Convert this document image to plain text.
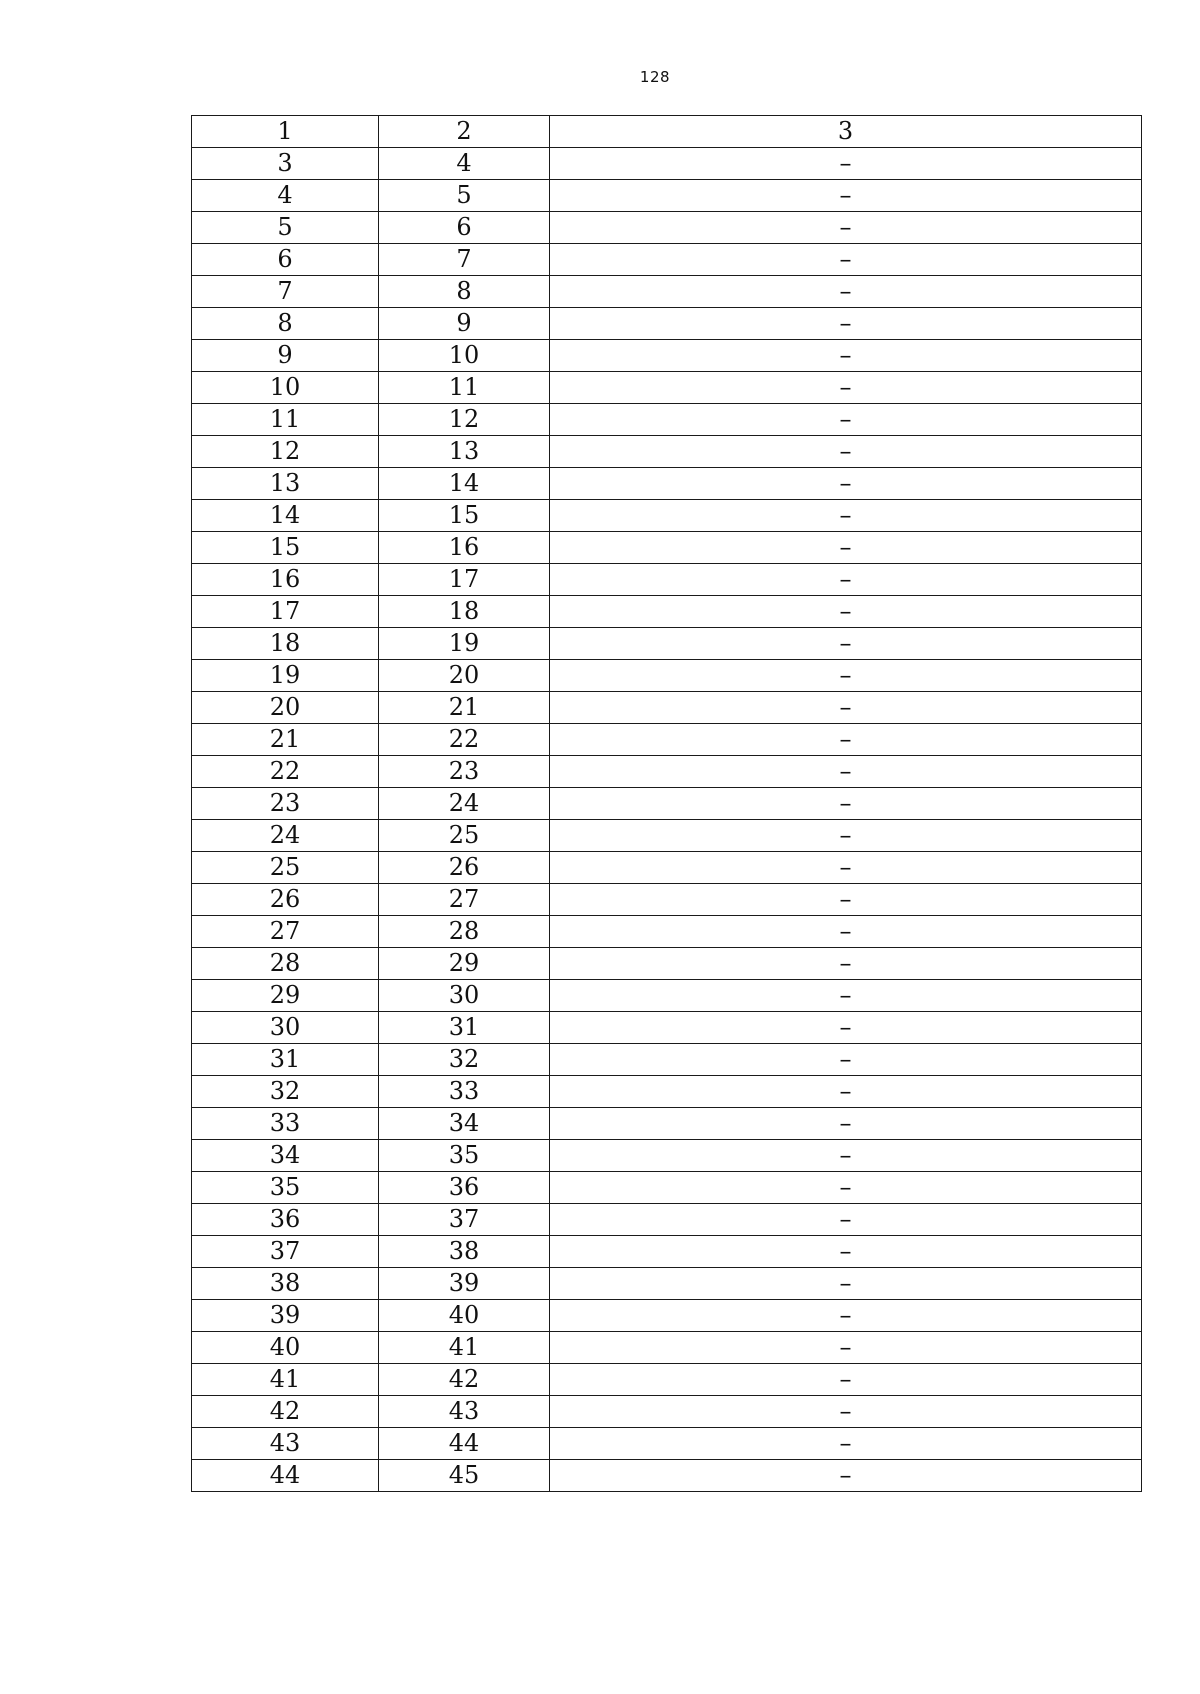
128
1	2	3
3	4	–
4	5	–
5	6	–
6	7	–
7	8	–
8	9	–
9	10	–
10	11	–
11	12	–
12	13	–
13	14	–
14	15	–
15	16	–
16	17	–
17	18	–
18	19	–
19	20	–
20	21	–
21	22	–
22	23	–
23	24	–
24	25	–
25	26	–
26	27	–
27	28	–
28	29	–
29	30	–
30	31	–
31	32	–
32	33	–
33	34	–
34	35	–
35	36	–
36	37	–
37	38	–
38	39	–
39	40	–
40	41	–
41	42	–
42	43	–
43	44	–
44	45	–
